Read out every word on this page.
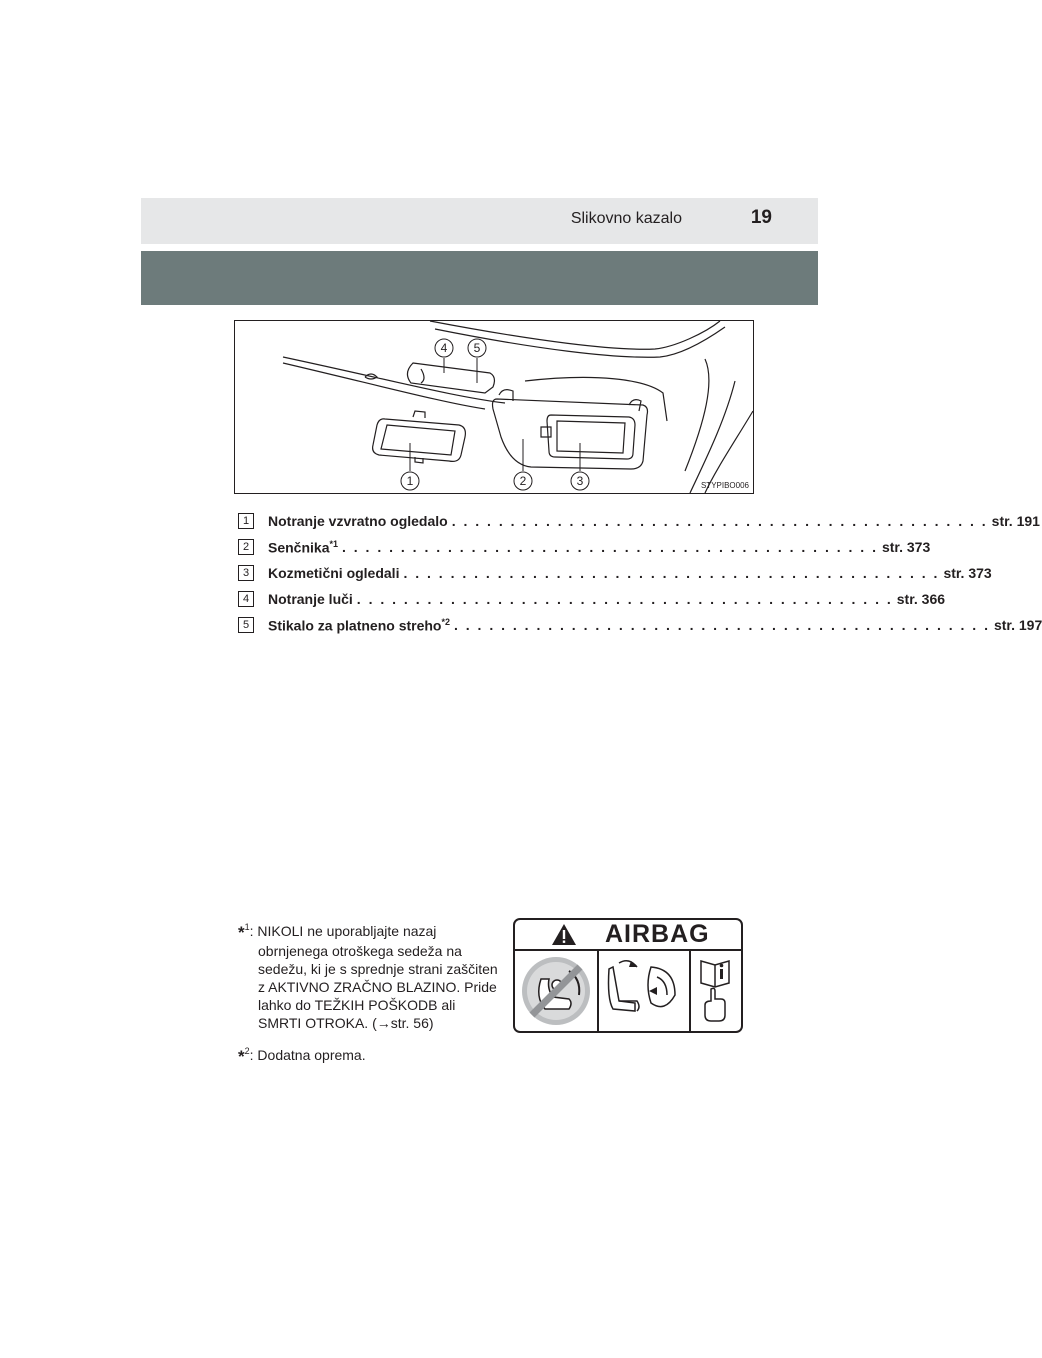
Slikovno kazalo	19
4 5
1	2	3	STYPIBO006
1	Notranje vzvratno ogledalo . . . . . . . . . . . . . . . . . . . . . . . . . . . . . . . . . . . . . . . . . . . . . . str. 191
2	Senčnika$^{*1}$ . . . . . . . . . . . . . . . . . . . . . . . . . . . . . . . . . . . . . . . . . . . . . . str. 373
3	Kozmetični ogledali . . . . . . . . . . . . . . . . . . . . . . . . . . . . . . . . . . . . . . . . . . . . . . str. 373
4	Notranje luči . . . . . . . . . . . . . . . . . . . . . . . . . . . . . . . . . . . . . . . . . . . . . . str. 366
5	Stikalo za platneno streho$^{*2}$ . . . . . . . . . . . . . . . . . . . . . . . . . . . . . . . . . . . . . . . . . . . . . . str. 197
*$^1$: NIKOLI ne uporabljajte nazaj
obrnjenega otroškega sedeža na sedežu, ki je s sprednje strani zaščiten z AKTIVNO ZRAČNO BLAZINO. Pride lahko do TEŽKIH POŠKODB ali SMRTI OTROKA. (→str. 56)
*$^2$: Dodatna oprema.
AIRBAG
